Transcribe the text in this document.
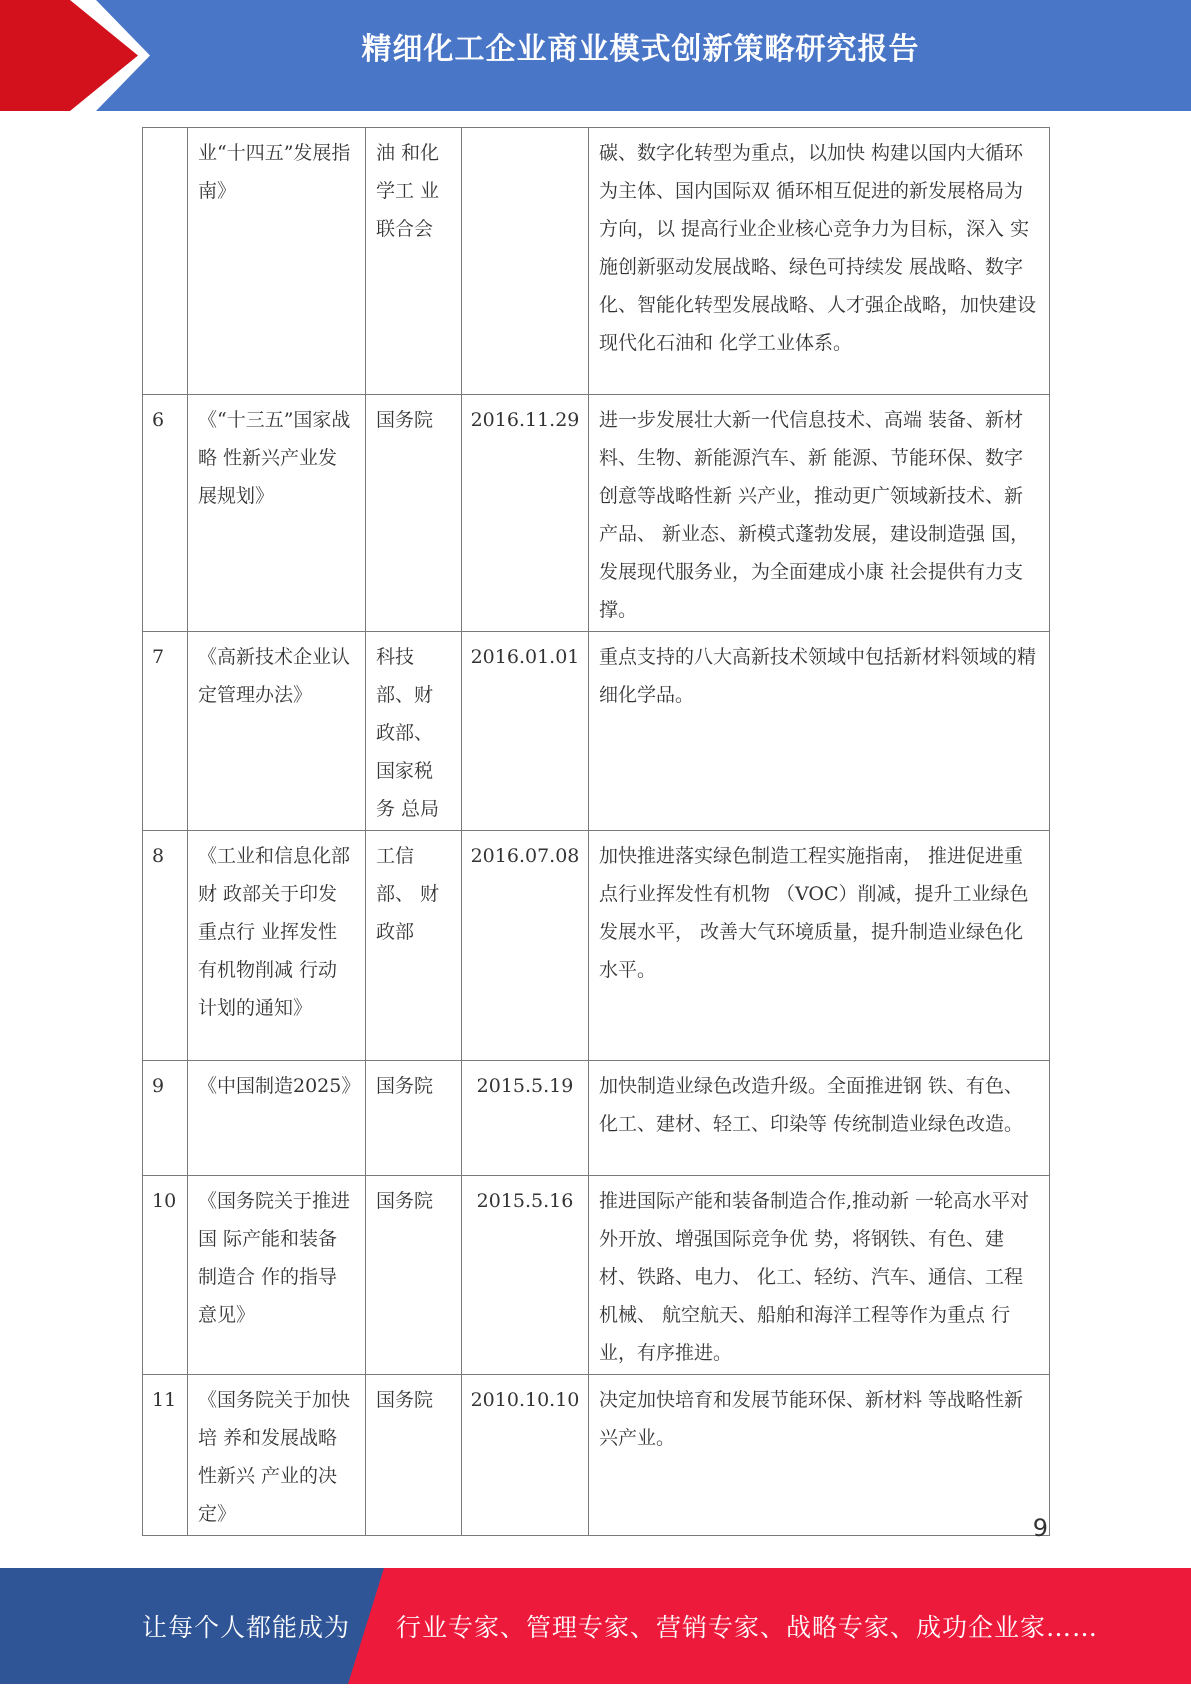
精细化工企业商业模式创新策略研究报告
	业“十四五”发展指 南》	油 和化学工 业联合会		碳、数字化转型为重点，以加快 构建以国内大循环为主体、国内国际双 循环相互促进的新发展格局为方向，以 提高行业企业核心竞争力为目标，深入 实施创新驱动发展战略、绿色可持续发 展战略、数字化、智能化转型发展战略、人才强企战略，加快建设现代化石油和 化学工业体系。
6	《“十三五”国家战略 性新兴产业发展规划》	国务院	2016.11.29	进一步发展壮大新一代信息技术、高端 装备、新材料、生物、新能源汽车、新 能源、节能环保、数字创意等战略性新 兴产业，推动更广领域新技术、新产品、 新业态、新模式蓬勃发展，建设制造强 国，发展现代服务业，为全面建成小康 社会提供有力支撑。
7	《高新技术企业认定管理办法》	科技部、财政部、国家税务 总局	2016.01.01	重点支持的八大高新技术领域中包括新材料领域的精细化学品。
8	《工业和信息化部财 政部关于印发重点行 业挥发性有机物削减 行动计划的通知》	工信部、 财政部	2016.07.08	加快推进落实绿色制造工程实施指南， 推进促进重点行业挥发性有机物 （VOC）削减，提升工业绿色发展水平， 改善大气环境质量，提升制造业绿色化 水平。
9	《中国制造2025》	国务院	2015.5.19	加快制造业绿色改造升级。全面推进钢 铁、有色、化工、建材、轻工、印染等 传统制造业绿色改造。
10	《国务院关于推进国 际产能和装备制造合 作的指导意见》	国务院	2015.5.16	推进国际产能和装备制造合作,推动新 一轮高水平对外开放、增强国际竞争优 势，将钢铁、有色、建材、铁路、电力、 化工、轻纺、汽车、通信、工程机械、 航空航天、船舶和海洋工程等作为重点 行业，有序推进。
11	《国务院关于加快培 养和发展战略性新兴 产业的决定》	国务院	2010.10.10	决定加快培育和发展节能环保、新材料 等战略性新兴产业。
9
让每个人都能成为 行业专家、管理专家、营销专家、战略专家、成功企业家……
